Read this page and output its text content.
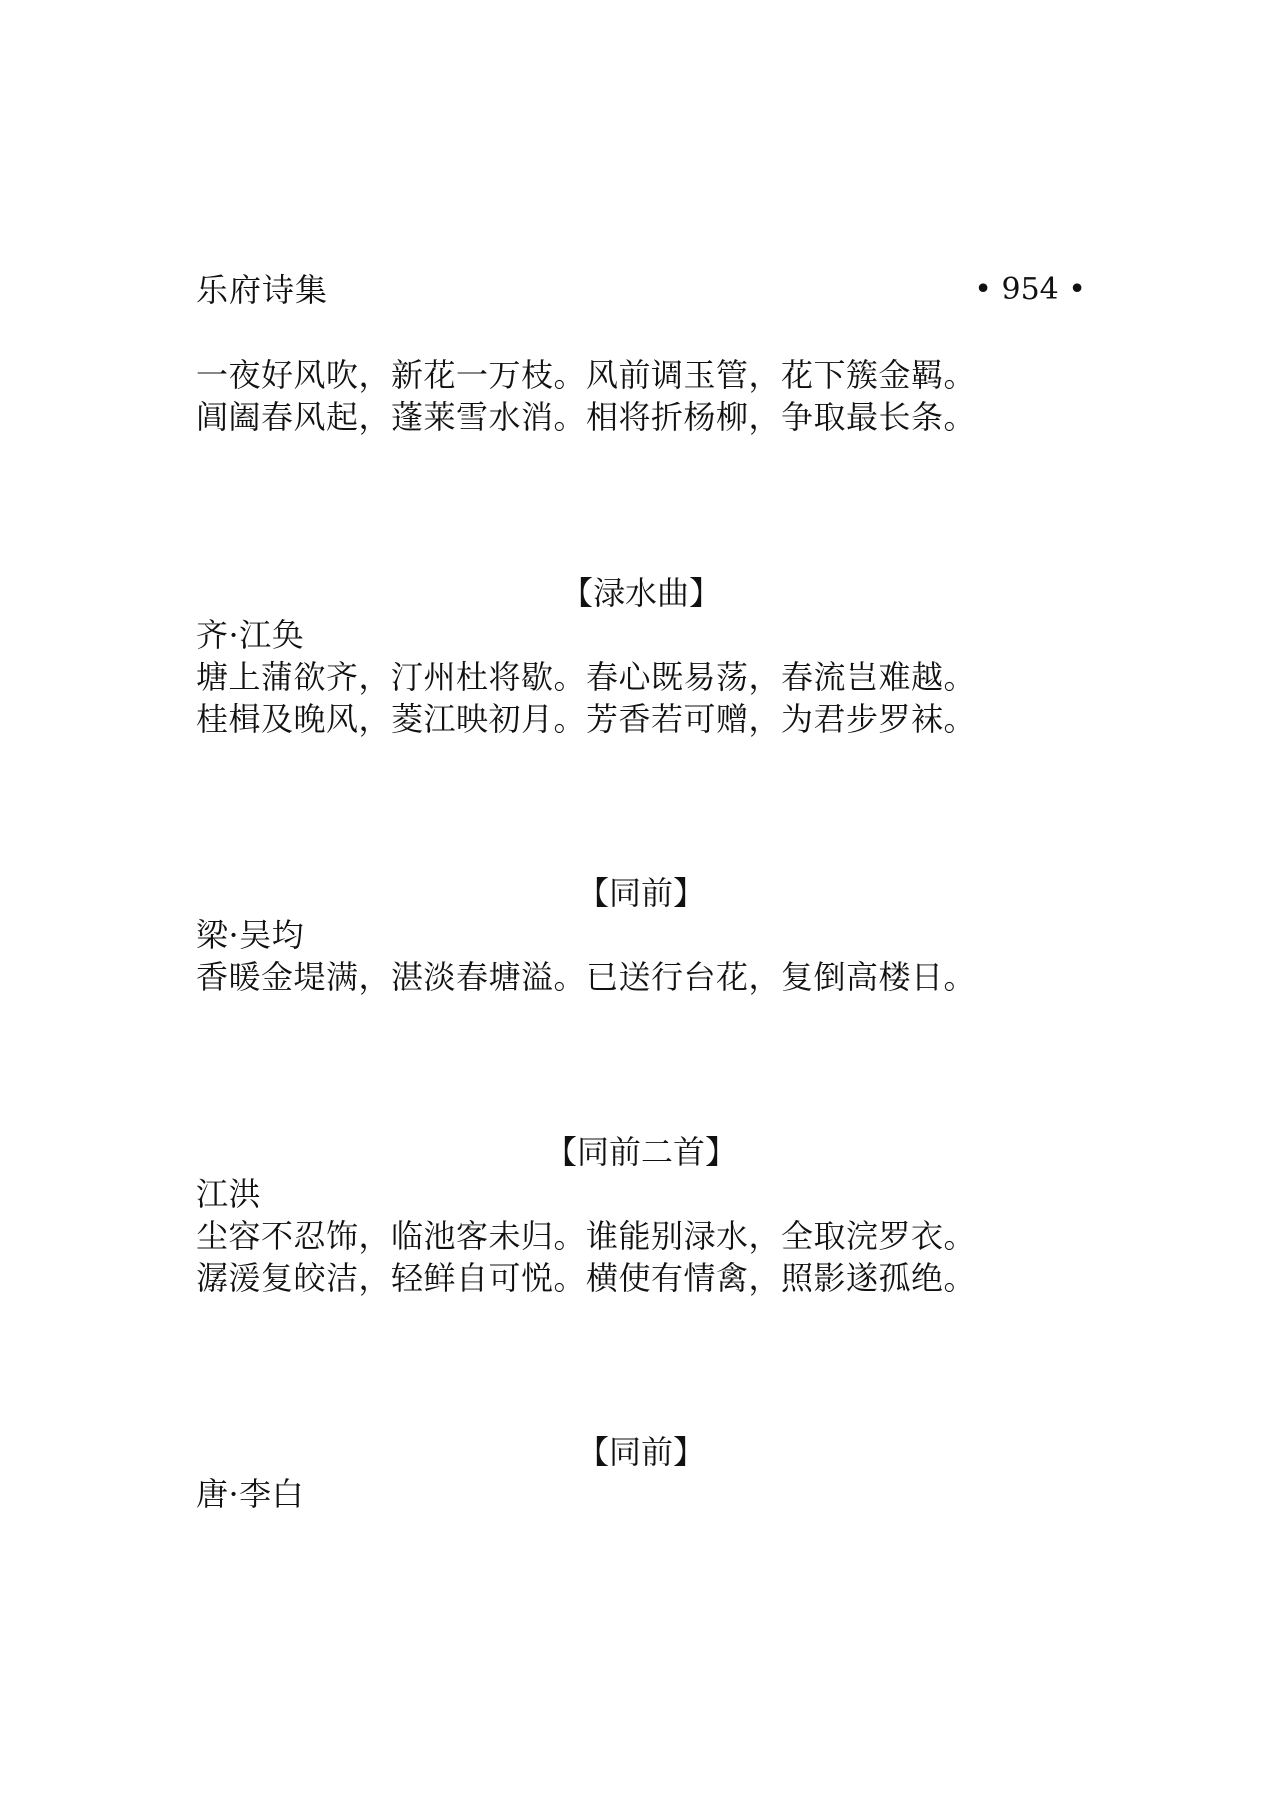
乐府诗集	• 954 •
一夜好风吹，新花一万枝。风前调玉管，花下簇金羁。
阊阖春风起，蓬莱雪水消。相将折杨柳，争取最长条。
【渌水曲】
齐·江奂
塘上蒲欲齐，汀州杜将歇。春心既易荡，春流岂难越。
桂楫及晚风，菱江映初月。芳香若可赠，为君步罗袜。
【同前】
梁·吴均
香暖金堤满，湛淡春塘溢。已送行台花，复倒高楼日。
【同前二首】
江洪
尘容不忍饰，临池客未归。谁能别渌水，全取浣罗衣。
潺湲复皎洁，轻鲜自可悦。横使有情禽，照影遂孤绝。
【同前】
唐·李白
